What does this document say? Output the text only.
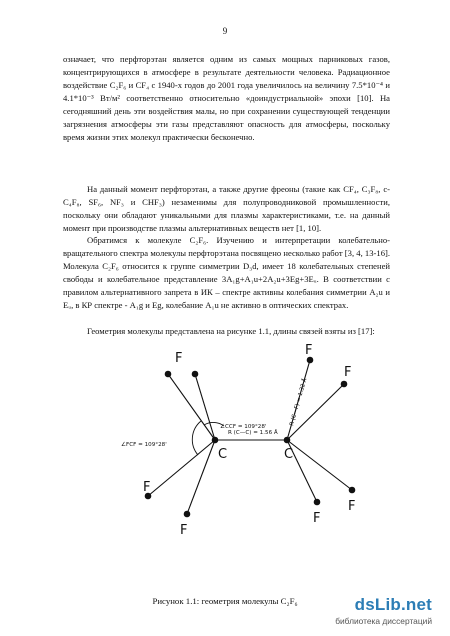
9

означает, что перфторэтан является одним из самых мощных парниковых газов, концентрирующихся в атмосфере в результате деятельности человека. Радиационное воздействие C₂F₆ и CF₄ с 1940-х годов до 2001 года увеличилось на величину 7.5*10⁻⁴ и 4.1*10⁻³ Вт/м² соответственно относительно «доиндустриальной» эпохи [10]. На сегодняшний день эти воздействия малы, но при сохранении существующей тенденции загрязнения атмосферы эти газы представляют опасность для атмосферы, поскольку время жизни этих молекул практически бесконечно.

На данный момент перфторэтан, а также другие фреоны (такие как CF₄, C₃F₈, c-C₄F₈, SF₆, NF₃ и CHF₃) незаменимы для полупроводниковой промышленности, поскольку они обладают уникальными для плазмы характеристиками, т.е. на данный момент при производстве плазмы альтернативных веществ нет [1, 10].

Обратимся к молекуле C₂F₆. Изучению и интерпретации колебательно-вращательного спектра молекулы перфторэтана посвящено несколько работ [3, 4, 13-16]. Молекула C₂F₆ относится к группе симметрии D₃d, имеет 18 колебательных степеней свободы и колебательное представление 3A₁g+A₁u+2A₂u+3Eg+3Eᵤ. В соответствии с правилом альтернативного запрета в ИК – спектре активны колебания симметрии A₂u и Eᵤ, в КР спектре - A₁g и Eg, колебание A₁u не активно в оптических спектрах.

Геометрия молекулы представлена на рисунке 1.1, длины связей взяты из [17]:

F
F
F
F
F
F
F
C	C
∠CCF = 109°28'
∠FCF = 109°28'
R (C—C) = 1.56 Å
R (C—F) = 1.32 Å
Рисунок 1.1: геометрия молекулы C₂F₆	dsLib.net
библиотека диссертаций
